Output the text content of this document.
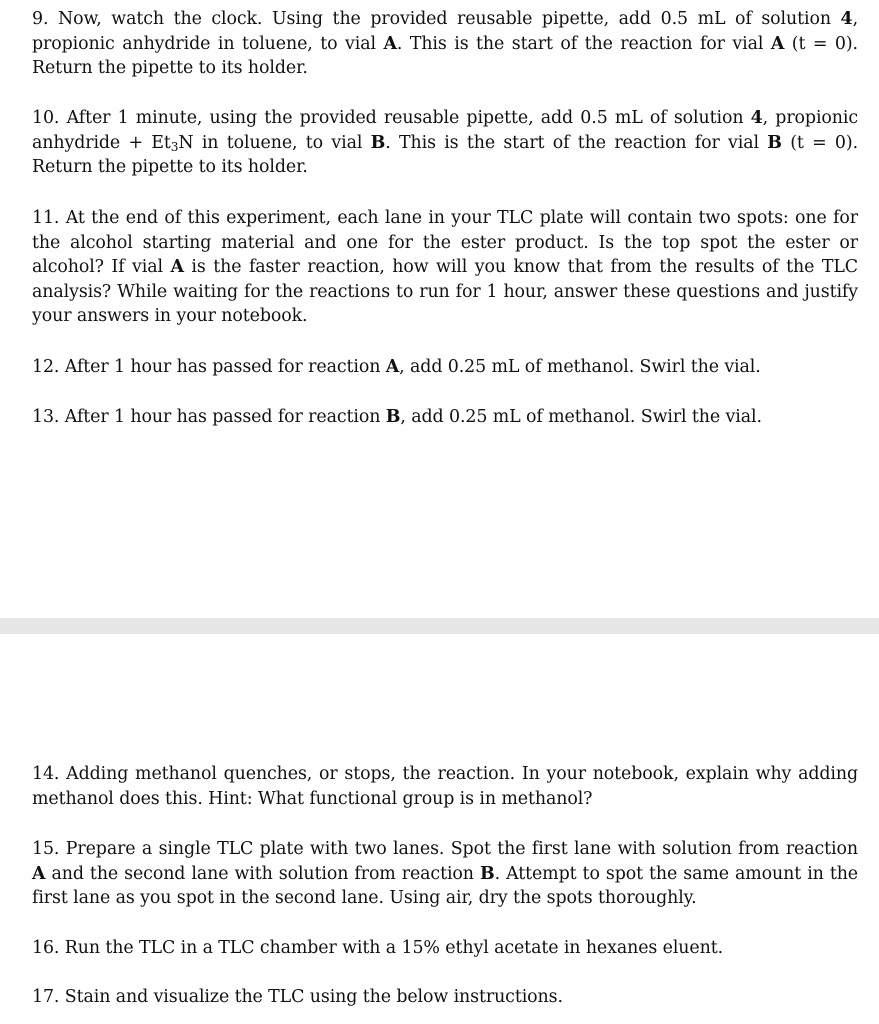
9. Now, watch the clock. Using the provided reusable pipette, add 0.5 mL of solution 4, propionic anhydride in toluene, to vial A. This is the start of the reaction for vial A (t = 0). Return the pipette to its holder.

10. After 1 minute, using the provided reusable pipette, add 0.5 mL of solution 4, propionic anhydride + $Et_3N$ in toluene, to vial B. This is the start of the reaction for vial B (t = 0). Return the pipette to its holder.

11. At the end of this experiment, each lane in your TLC plate will contain two spots: one for the alcohol starting material and one for the ester product. Is the top spot the ester or alcohol? If vial A is the faster reaction, how will you know that from the results of the TLC analysis? While waiting for the reactions to run for 1 hour, answer these questions and justify your answers in your notebook.

12. After 1 hour has passed for reaction A, add 0.25 mL of methanol. Swirl the vial.

13. After 1 hour has passed for reaction B, add 0.25 mL of methanol. Swirl the vial.

14. Adding methanol quenches, or stops, the reaction. In your notebook, explain why adding methanol does this. Hint: What functional group is in methanol?

15. Prepare a single TLC plate with two lanes. Spot the first lane with solution from reaction A and the second lane with solution from reaction B. Attempt to spot the same amount in the first lane as you spot in the second lane. Using air, dry the spots thoroughly.

16. Run the TLC in a TLC chamber with a 15% ethyl acetate in hexanes eluent.

17. Stain and visualize the TLC using the below instructions.
